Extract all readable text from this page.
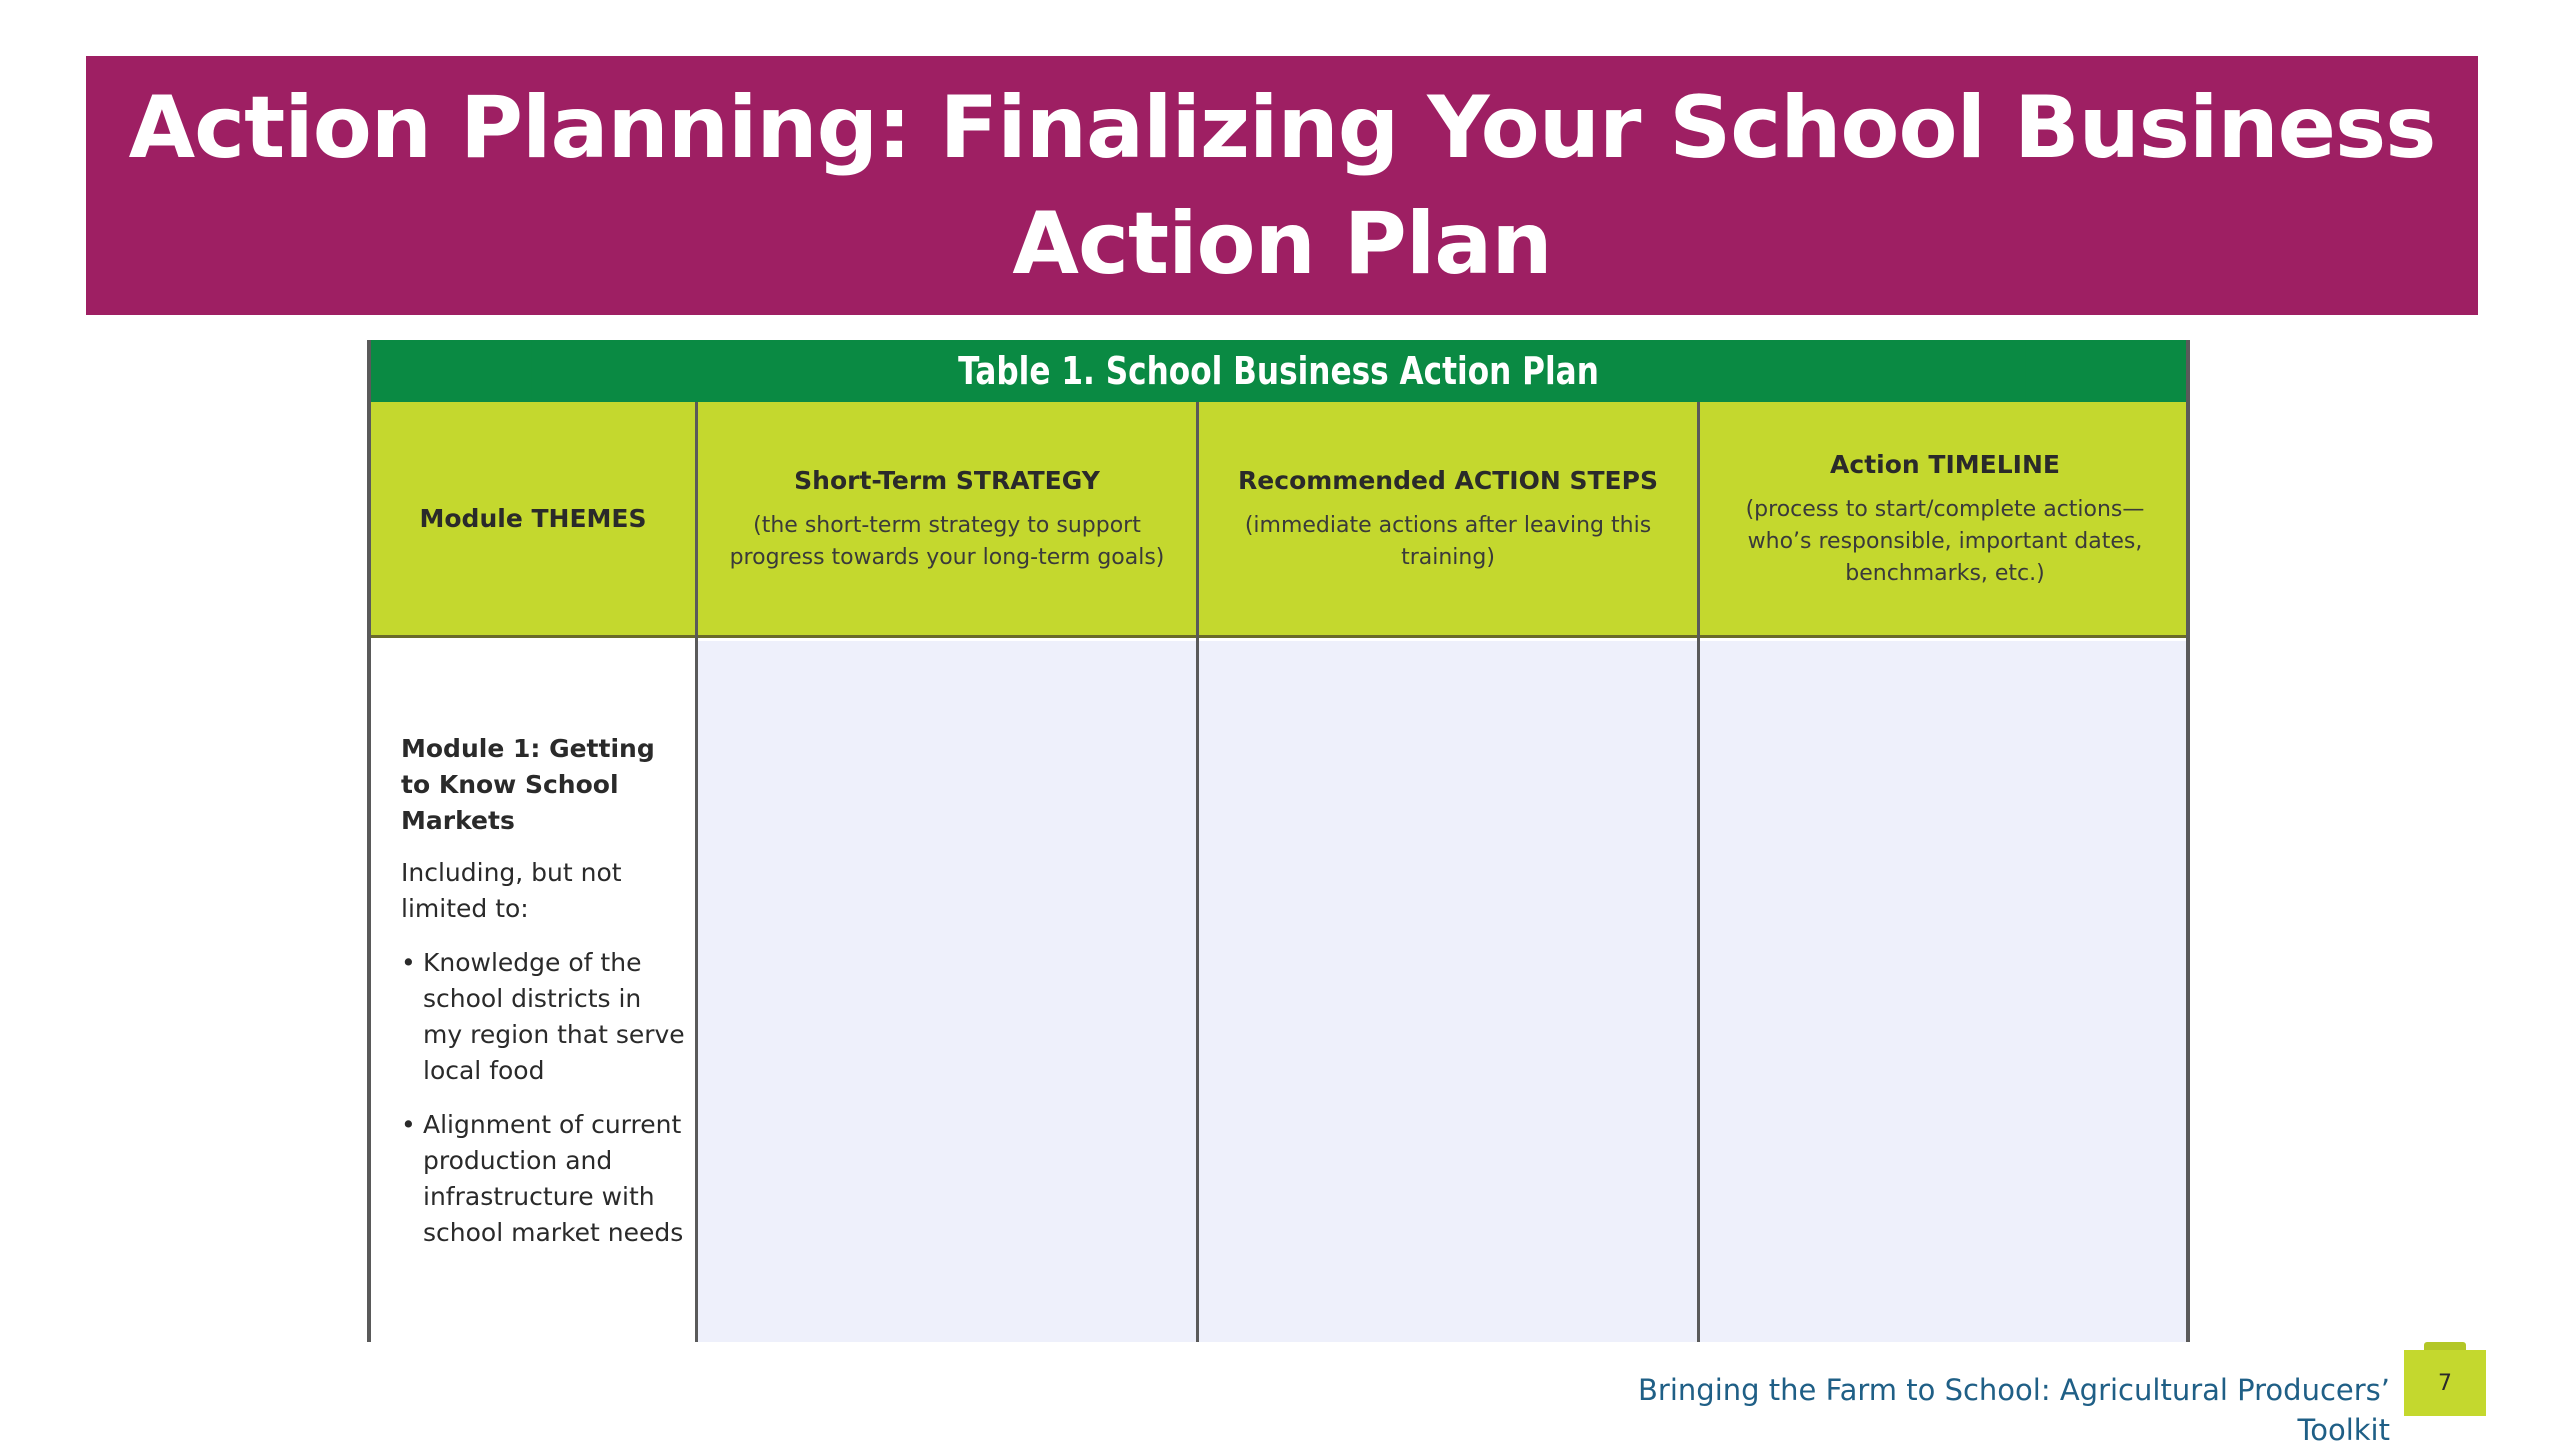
Action Planning: Finalizing Your School Business Action Plan
Table 1. School Business Action Plan
Module THEMES
Short-Term STRATEGY
(the short-term strategy to support progress towards your long-term goals)
Recommended ACTION STEPS
(immediate actions after leaving this training)
Action TIMELINE
(process to start/complete actions—who’s responsible, important dates, benchmarks, etc.)
Module 1: Getting to Know School Markets
Including, but not limited to:
• Knowledge of the school districts in my region that serve local food
• Alignment of current production and infrastructure with school market needs
Bringing the Farm to School: Agricultural Producers’ Toolkit
7
